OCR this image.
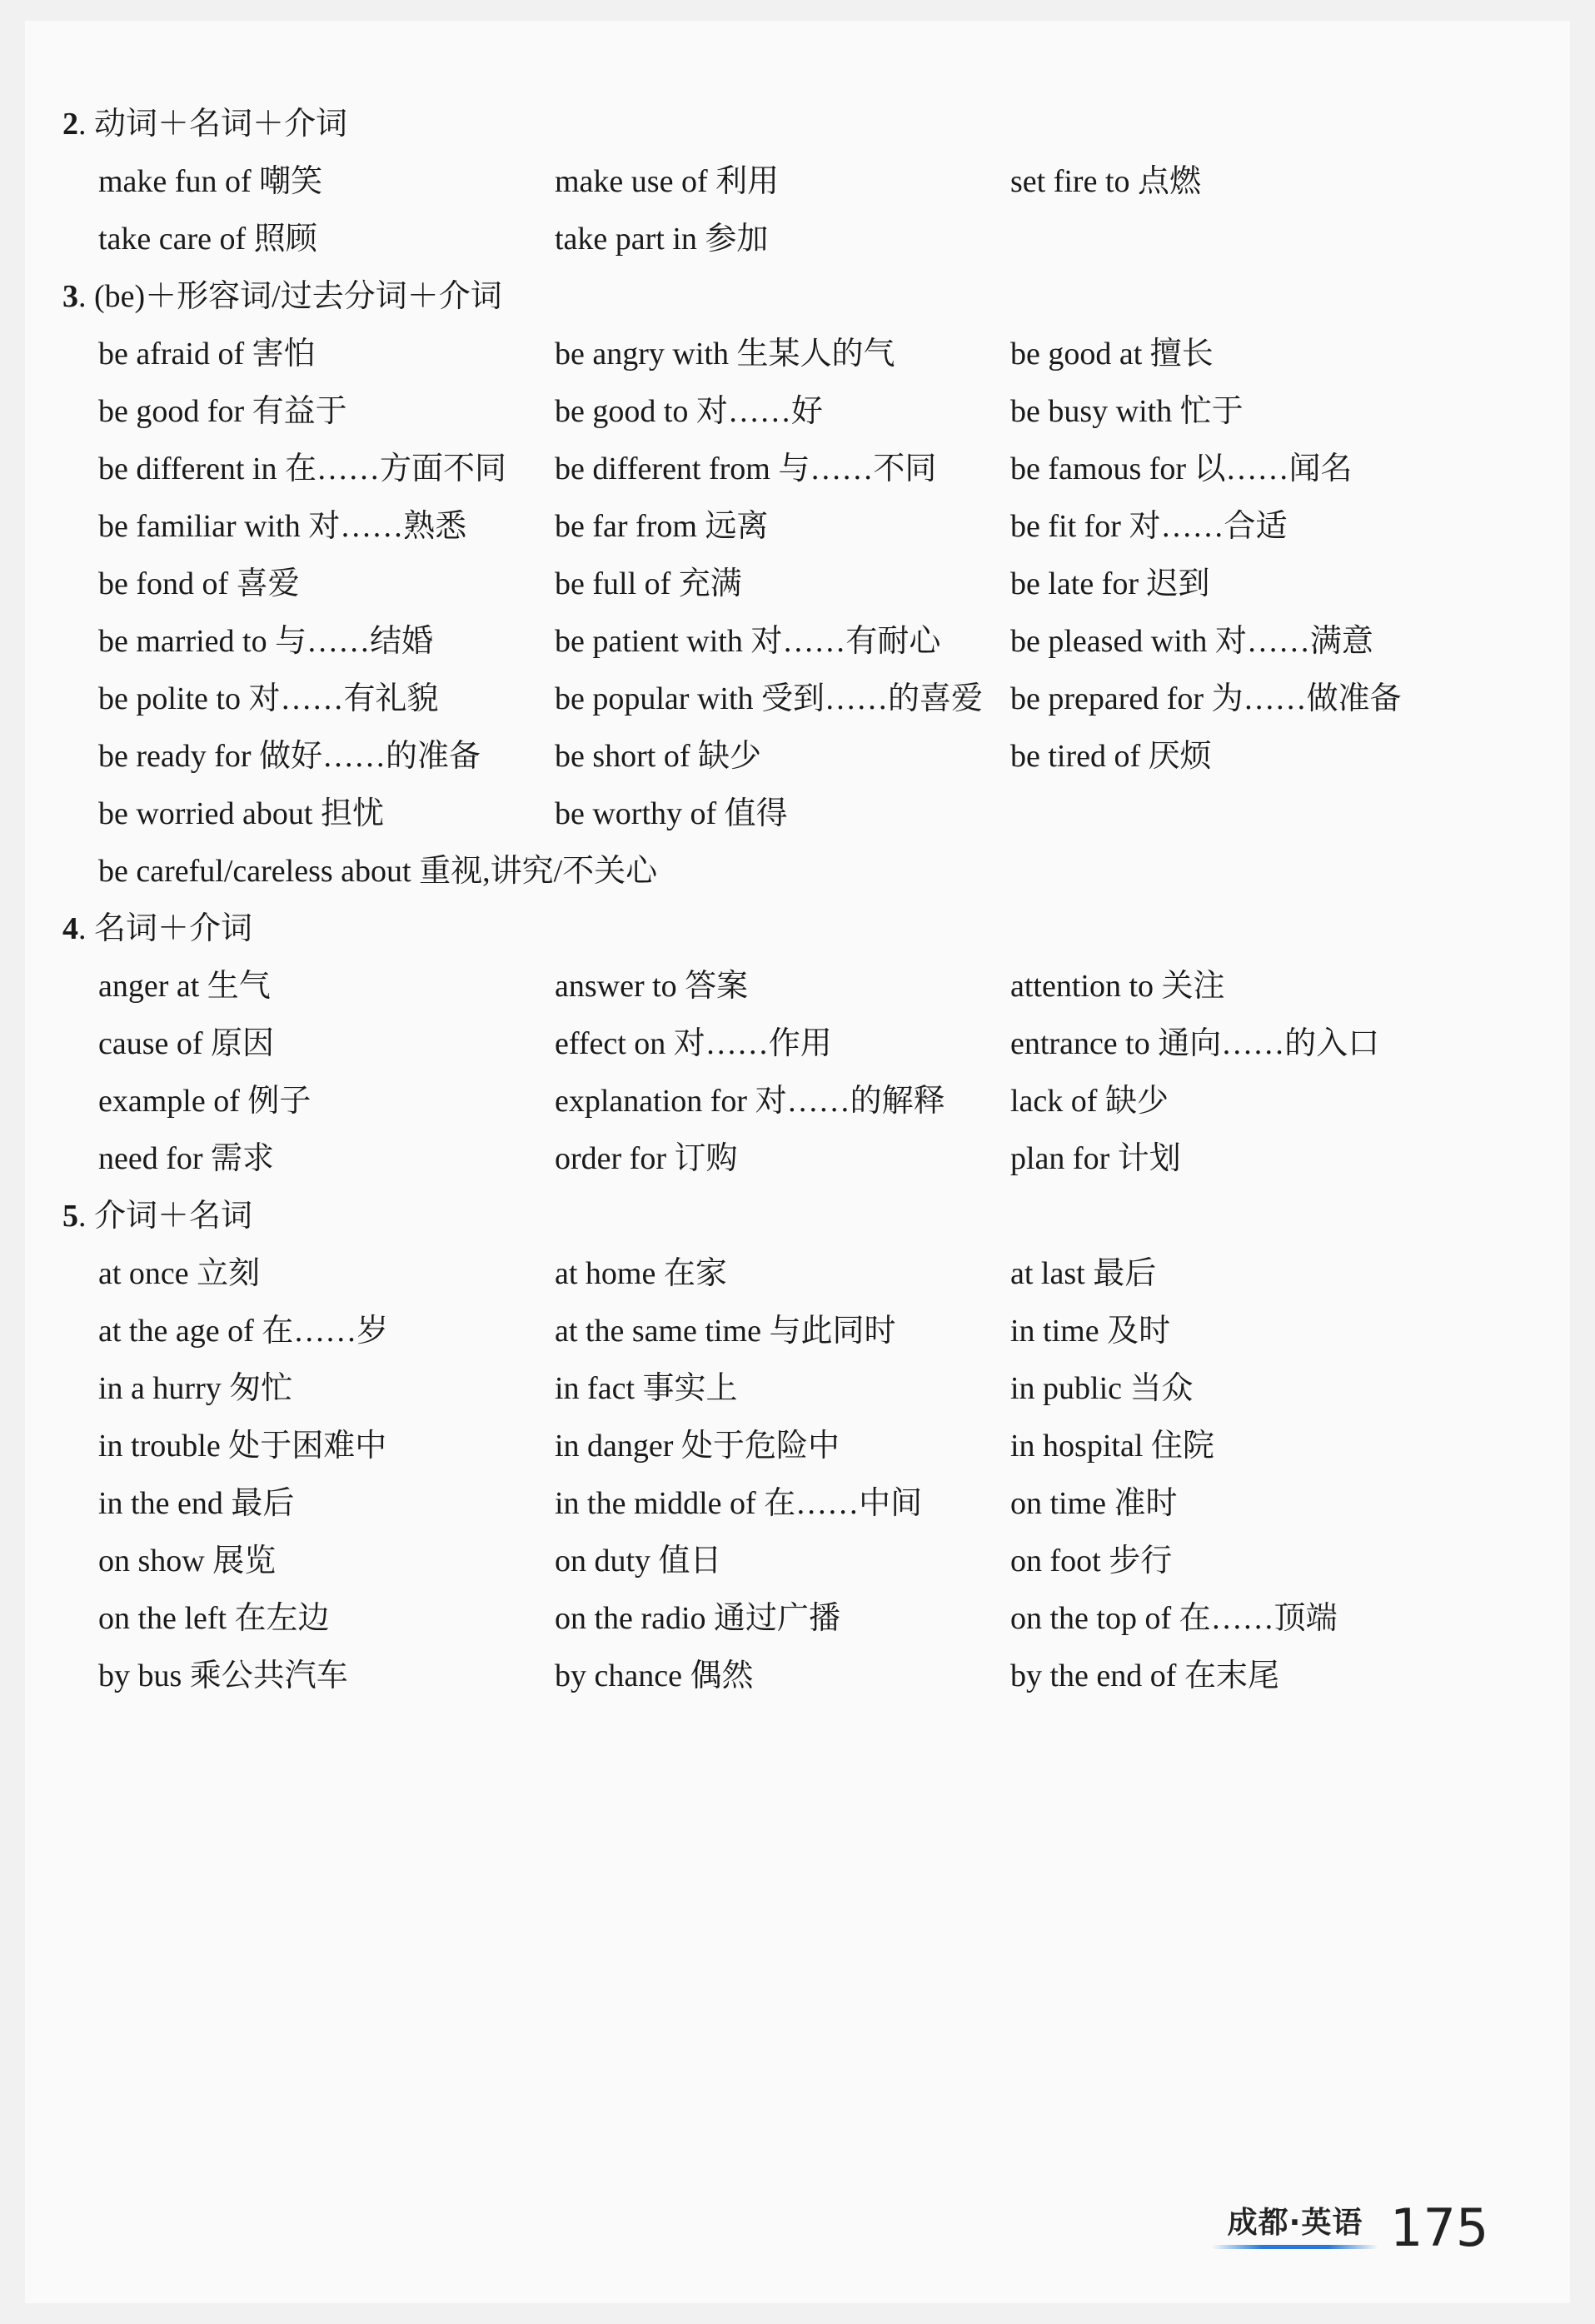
2. 动词＋名词＋介词
make fun of 嘲笑	make use of 利用	set fire to 点燃
take care of 照顾	take part in 参加
3. (be)＋形容词/过去分词＋介词
be afraid of 害怕	be angry with 生某人的气	be good at 擅长
be good for 有益于	be good to 对……好	be busy with 忙于
be different in 在……方面不同	be different from 与……不同	be famous for 以……闻名
be familiar with 对……熟悉	be far from 远离	be fit for 对……合适
be fond of 喜爱	be full of 充满	be late for 迟到
be married to 与……结婚	be patient with 对……有耐心	be pleased with 对……满意
be polite to 对……有礼貌	be popular with 受到……的喜爱 be prepared for 为……做准备
be ready for 做好……的准备	be short of 缺少	be tired of 厌烦
be worried about 担忧	be worthy of 值得
be careful/careless about 重视,讲究/不关心
4. 名词＋介词
anger at 生气	answer to 答案	attention to 关注
cause of 原因	effect on 对……作用	entrance to 通向……的入口
example of 例子	explanation for 对……的解释	lack of 缺少
need for 需求	order for 订购	plan for 计划
5. 介词＋名词
at once 立刻	at home 在家	at last 最后
at the age of 在……岁	at the same time 与此同时	in time 及时
in a hurry 匆忙	in fact 事实上	in public 当众
in trouble 处于困难中	in danger 处于危险中	in hospital 住院
in the end 最后	in the middle of 在……中间	on time 准时
on show 展览	on duty 值日	on foot 步行
on the left 在左边	on the radio 通过广播	on the top of 在……顶端
by bus 乘公共汽车	by chance 偶然	by the end of 在末尾
成都·英语 175
